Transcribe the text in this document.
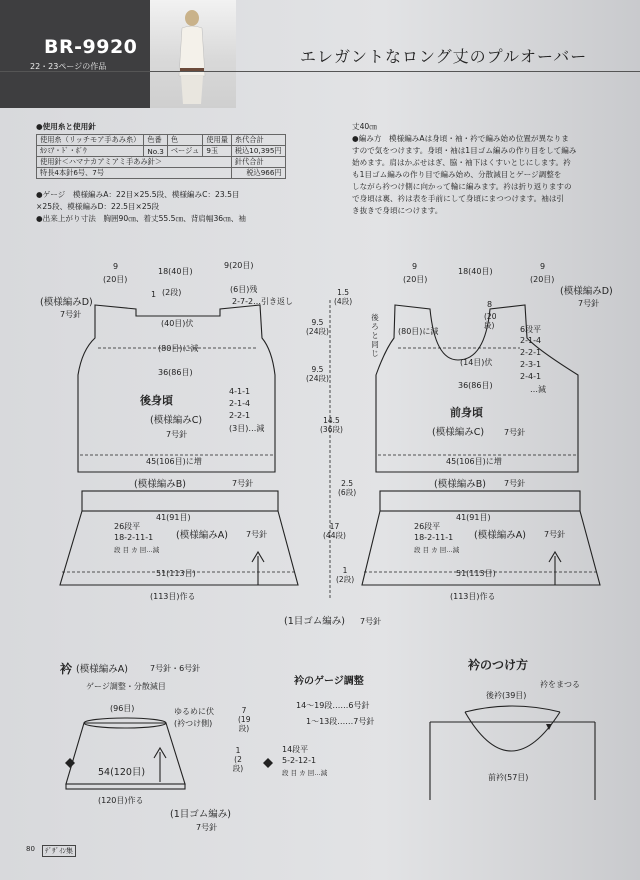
BR-9920
22・23ページの作品
エレガントなロング丈のプルオーバー
●使用糸と使用針
使用糸（リッチモア手あみ糸）	色番	色	使用量	糸代合計
ｶｼﾐｱ・ﾄﾞ・ﾎﾞｳ	No.3	ベージュ	9玉	税込10,395円
使用針＜ハマナカアミアミ手あみ針＞				針代合計
特長4本針6号、7号				税込966円
●ゲージ　模様編みA：22目×25.5段、模様編みC：23.5目
×25段、模様編みD：22.5目×25段
●出来上がり寸法　胸囲90㎝、着丈55.5㎝、背肩幅36㎝、袖
丈40㎝
●編み方　模様編みAは身頃・袖・衿で編み始め位置が異なりま
すので気をつけます。身頃・袖は1目ゴム編みの作り目をして編み
始めます。肩はかぶせはぎ、脇・袖下はくすいとじにします。衿
も1目ゴム編みの作り目で編み始め、分散減目とゲージ調整を
しながら衿つけ側に向かって輪に編みます。衿は折り返りますの
で身頃は裏、衿は表を手前にして身頃にまつつけます。袖は引
き抜きで身頃につけます。
9
(20目)
18(40目)
9(20目)
(模様編みD)
7号針
1 (2段)	(6目)残
2-7-2…引き返し
(40目)伏
(80目)に減
36(86目)
後身頃
(模様編みC)
7号針
4-1-1
2-1-4
2-2-1
(3目)…減
45(106目)に増
(模様編みB)	7号針
41(91目)
26段平
18-2-11-1
段 目 カ 回…減
(模様編みA) 7号針
51(113目)
(113目)作る
1.5
(4段)
9.5
(24段)
9.5
(24段)
14.5
(36段)
2.5
(6段)
17
(44段)
1
(2段)
(1目ゴム編み) 7号針
9
(20目)
18(40目)
9
(20目)
(模様編みD)
7号針
8
(20段)
後ろと同じ
(80目)に減
(14目)伏
6段平
2-1-4
2-2-1
2-3-1
2-4-1
…減
36(86目)
前身頃
(模様編みC) 7号針
45(106目)に増
(模様編みB) 7号針
41(91目)
26段平
18-2-11-1
段 目 カ 回…減
(模様編みA) 7号針
51(113目)
(113目)作る
衿 (模様編みA)	7号針・6号針
ゲージ調整・分散減目
(96目)	ゆるめに伏
(衿つけ側)
7
(19段)
1
(2段)
54(120目)
(120目)作る
(1目ゴム編み)
7号針
14段平
5-2-12-1
段 目 カ 回…減
衿のゲージ調整
14〜19段……6号針
1〜13段……7号針
衿のつけ方
後衿(39目)
衿をまつる
前衿(57目)
80	ﾃﾞｻﾞｲﾝ集
